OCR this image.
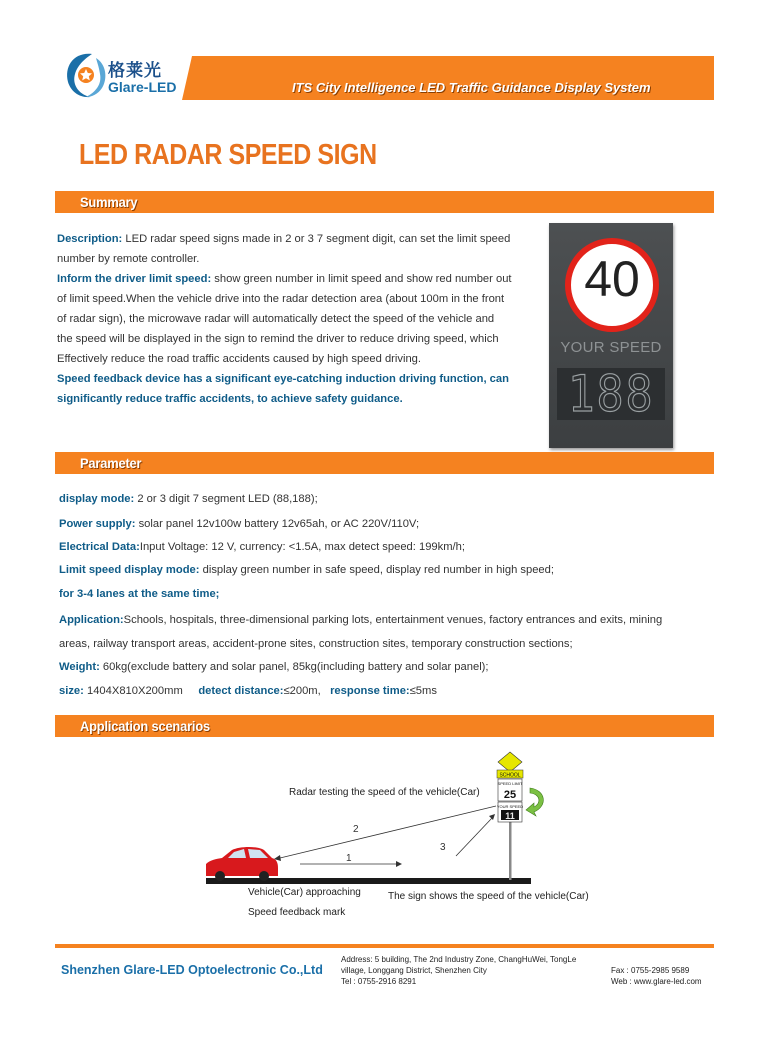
格莱光
Glare-LED	ITS City Intelligence LED Traffic Guidance Display System
LED RADAR SPEED SIGN
Summary
Description: LED radar speed signs made in 2 or 3 7 segment digit, can set the limit speed number by remote controller.
Inform the driver limit speed: show green number in limit speed and show red number out of limit speed.When the vehicle drive into the radar detection area (about 100m in the front of radar sign), the microwave radar will automatically detect the speed of the vehicle and the speed will be displayed in the sign to remind the driver to reduce driving speed, which Effectively reduce the road traffic accidents caused by high speed driving.
Speed feedback device has a significant eye-catching induction driving function, can significantly reduce traffic accidents, to achieve safety guidance.
40
YOUR SPEED
188
Parameter
display mode: 2 or 3 digit 7 segment LED (88,188);
Power supply: solar panel 12v100w battery 12v65ah, or AC 220V/110V;
Electrical Data:Input Voltage: 12 V, currency: <1.5A, max detect speed: 199km/h;
Limit speed display mode: display green number in safe speed, display red number in high speed;
for 3-4 lanes at the same time;
Application:Schools, hospitals, three-dimensional parking lots, entertainment venues, factory entrances and exits, mining
areas, railway transport areas, accident-prone sites, construction sites, temporary construction sections;
Weight: 60kg(exclude battery and solar panel, 85kg(including battery and solar panel);
size: 1404X810X200mm detect distance:≤200m, response time:≤5ms
Application scenarios
SCHOOL
SPEED LIMIT
25
YOUR SPEED
11
1
2
3
Radar testing the speed of the vehicle(Car)
Vehicle(Car) approaching
Speed feedback mark
The sign shows the speed of the vehicle(Car)
Shenzhen Glare-LED Optoelectronic Co.,Ltd
Address: 5 building, The 2nd Industry Zone, ChangHuWei, TongLe
village, Longgang District, Shenzhen City
Tel : 0755-2916 8291
Fax : 0755-2985 9589
Web : www.glare-led.com
